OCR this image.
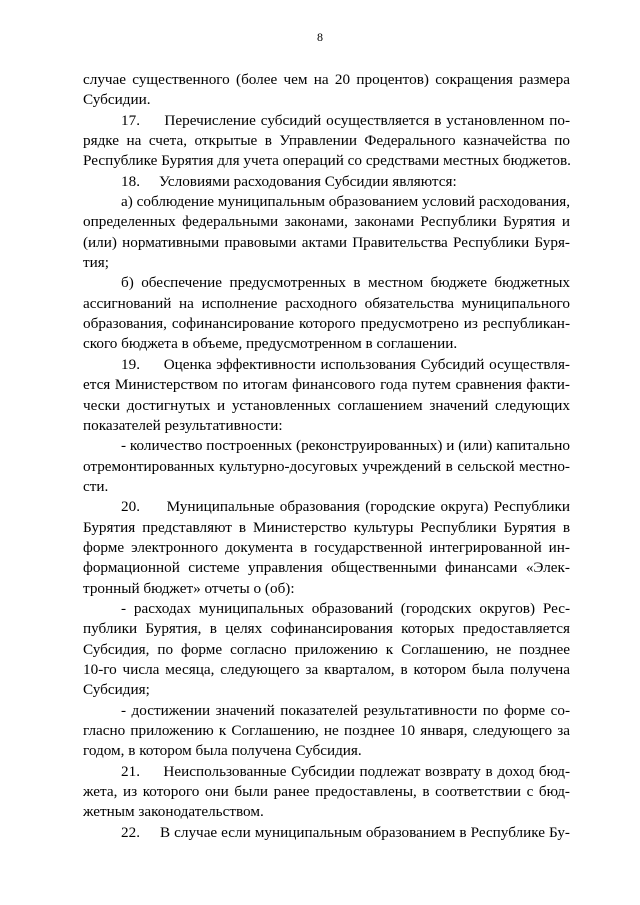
8
случае существенного (более чем на 20 процентов) сокращения размера
Субсидии.
17.     Перечисление субсидий осуществляется в установленном по-
рядке на счета, открытые в Управлении Федерального казначейства по
Республике Бурятия для учета операций со средствами местных бюджетов.
18.     Условиями расходования Субсидии являются:
а) соблюдение муниципальным образованием условий расходования,
определенных федеральными законами, законами Республики Бурятия и
(или) нормативными правовыми актами Правительства Республики Буря-
тия;
б) обеспечение предусмотренных в местном бюджете бюджетных
ассигнований на исполнение расходного обязательства муниципального
образования, софинансирование которого предусмотрено из республикан-
ского бюджета в объеме, предусмотренном в соглашении.
19.     Оценка эффективности использования Субсидий осуществля-
ется Министерством по итогам финансового года путем сравнения факти-
чески достигнутых и установленных соглашением значений следующих
показателей результативности:
- количество построенных (реконструированных) и (или) капитально
отремонтированных культурно-досуговых учреждений в сельской местно-
сти.
20.     Муниципальные образования (городские округа) Республики
Бурятия представляют в Министерство культуры Республики Бурятия в
форме электронного документа в государственной интегрированной ин-
формационной системе управления общественными финансами «Элек-
тронный бюджет» отчеты о (об):
- расходах муниципальных образований (городских округов) Рес-
публики Бурятия, в целях софинансирования которых предоставляется
Субсидия, по форме согласно приложению к Соглашению, не позднее
10-го числа месяца, следующего за кварталом, в котором была получена
Субсидия;
- достижении значений показателей результативности по форме со-
гласно приложению к Соглашению, не позднее 10 января, следующего за
годом, в котором была получена Субсидия.
21.     Неиспользованные Субсидии подлежат возврату в доход бюд-
жета, из которого они были ранее предоставлены, в соответствии с бюд-
жетным законодательством.
22.     В случае если муниципальным образованием в Республике Бу-
